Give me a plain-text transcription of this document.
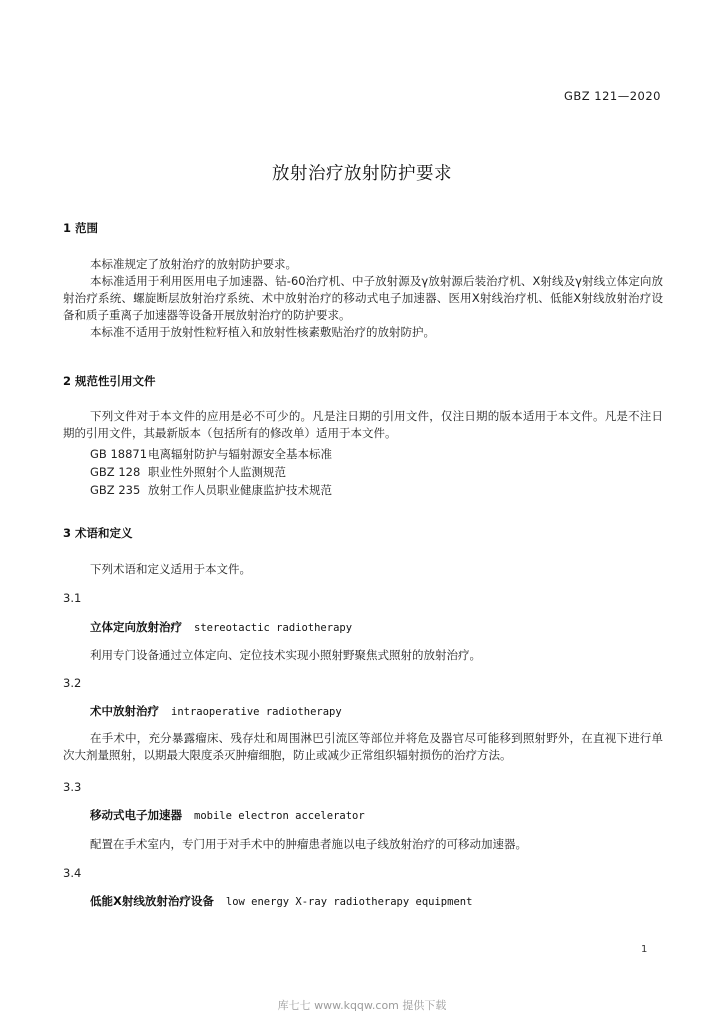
GBZ 121—2020
放射治疗放射防护要求
1 范围
本标准规定了放射治疗的放射防护要求。
本标准适用于利用医用电子加速器、钴-60治疗机、中子放射源及γ放射源后装治疗机、X射线及γ射线立体定向放射治疗系统、螺旋断层放射治疗系统、术中放射治疗的移动式电子加速器、医用X射线治疗机、低能X射线放射治疗设备和质子重离子加速器等设备开展放射治疗的防护要求。
本标准不适用于放射性粒籽植入和放射性核素敷贴治疗的放射防护。
2 规范性引用文件
下列文件对于本文件的应用是必不可少的。凡是注日期的引用文件，仅注日期的版本适用于本文件。凡是不注日期的引用文件，其最新版本（包括所有的修改单）适用于本文件。
GB 18871电离辐射防护与辐射源安全基本标准
GBZ 128 职业性外照射个人监测规范
GBZ 235 放射工作人员职业健康监护技术规范
3 术语和定义
下列术语和定义适用于本文件。
3.1
立体定向放射治疗 stereotactic radiotherapy
利用专门设备通过立体定向、定位技术实现小照射野聚焦式照射的放射治疗。
3.2
术中放射治疗 intraoperative radiotherapy
在手术中，充分暴露瘤床、残存灶和周围淋巴引流区等部位并将危及器官尽可能移到照射野外，在直视下进行单次大剂量照射，以期最大限度杀灭肿瘤细胞，防止或减少正常组织辐射损伤的治疗方法。
3.3
移动式电子加速器 mobile electron accelerator
配置在手术室内，专门用于对手术中的肿瘤患者施以电子线放射治疗的可移动加速器。
3.4
低能X射线放射治疗设备 low energy X-ray radiotherapy equipment
1
库七七 www.kqqw.com 提供下载
